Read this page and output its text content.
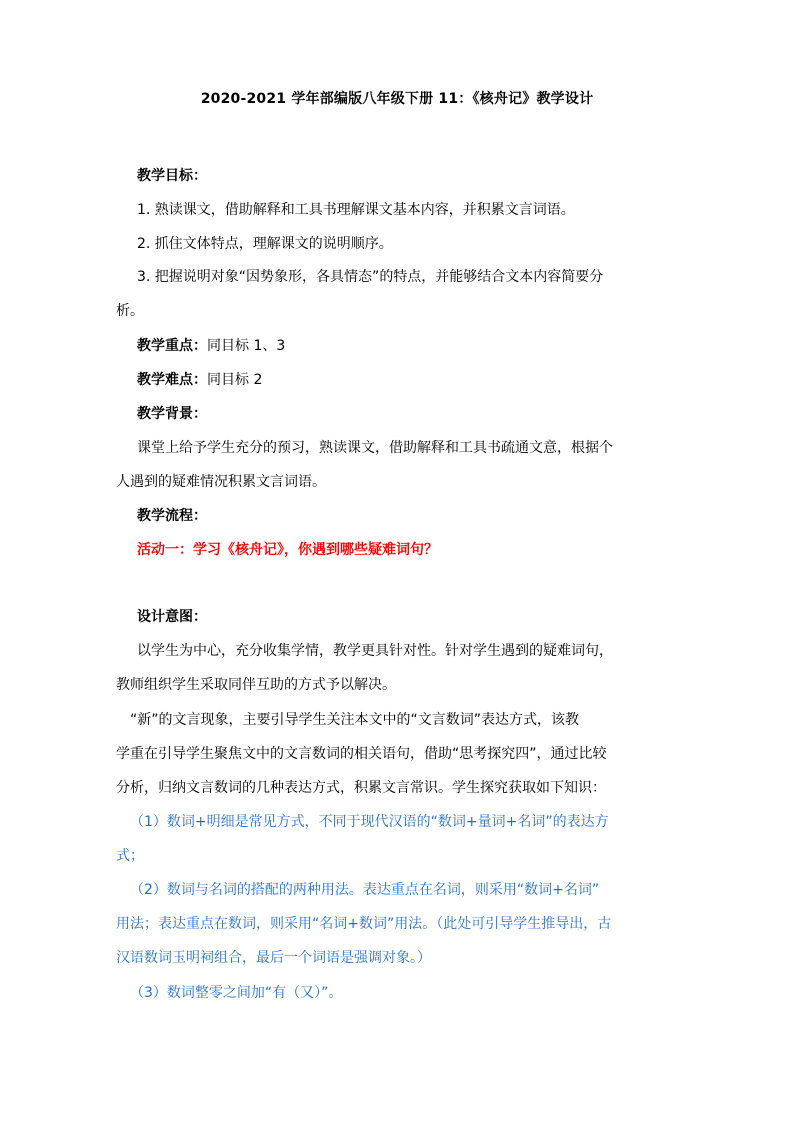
2020-2021 学年部编版八年级下册 11：《核舟记》教学设计
教学目标：
1. 熟读课文，借助解释和工具书理解课文基本内容，并积累文言词语。
2. 抓住文体特点，理解课文的说明顺序。
3. 把握说明对象“因势象形，各具情态”的特点，并能够结合文本内容简要分
析。
教学重点：同目标 1、3
教学难点：同目标 2
教学背景：
课堂上给予学生充分的预习，熟读课文，借助解释和工具书疏通文意，根据个
人遇到的疑难情况积累文言词语。
教学流程：
活动一：学习《核舟记》，你遇到哪些疑难词句？
设计意图：
以学生为中心，充分收集学情，教学更具针对性。针对学生遇到的疑难词句，
教师组织学生采取同伴互助的方式予以解决。
“新”的文言现象，主要引导学生关注本文中的“文言数词”表达方式，该教
学重在引导学生聚焦文中的文言数词的相关语句，借助“思考探究四”，通过比较
分析，归纳文言数词的几种表达方式，积累文言常识。学生探究获取如下知识：
（1）数词+明细是常见方式，不同于现代汉语的“数词+量词+名词”的表达方
式；
（2）数词与名词的搭配的两种用法。表达重点在名词，则采用“数词+名词”
用法；表达重点在数词，则采用“名词+数词”用法。（此处可引导学生推导出，古
汉语数词玉明祠组合，最后一个词语是强调对象。）
（3）数词整零之间加“有（又）”。
